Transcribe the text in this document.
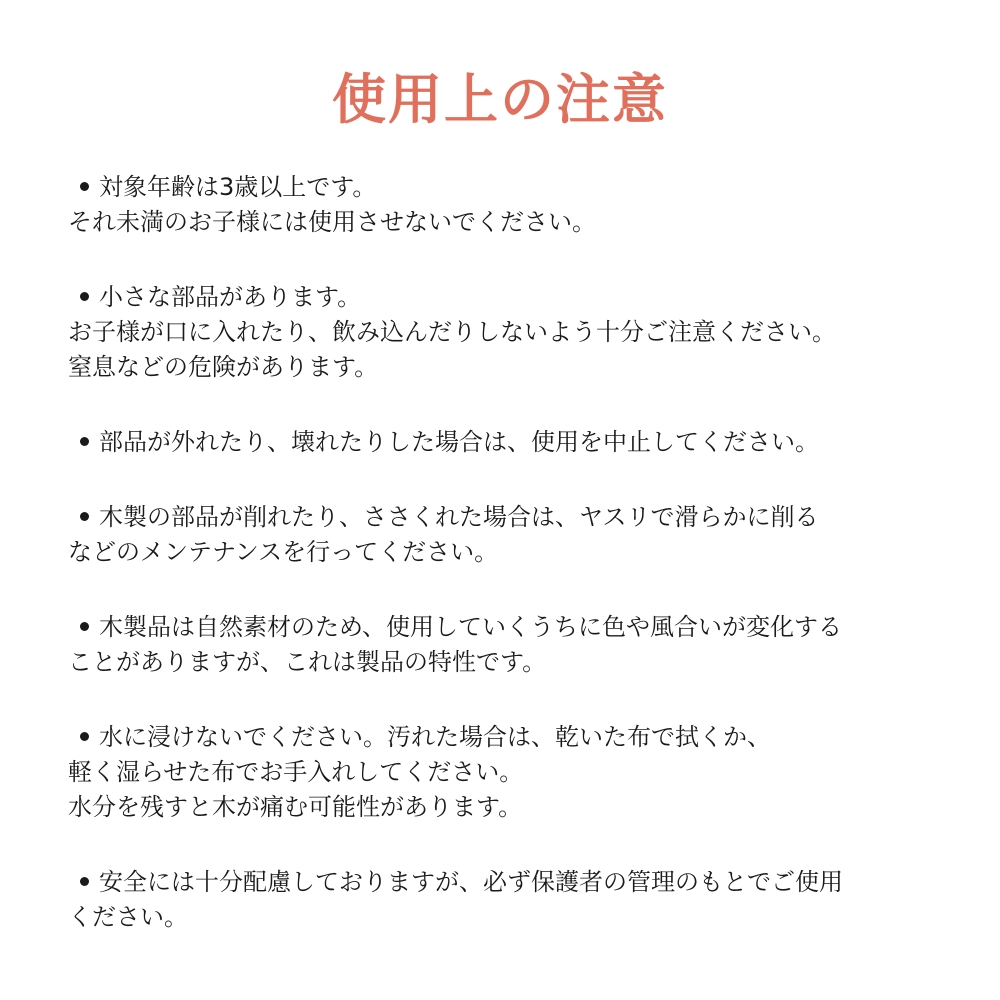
使用上の注意
対象年齢は3歳以上です。
それ未満のお子様には使用させないでください。
小さな部品があります。
お子様が口に入れたり、飲み込んだりしないよう十分ご注意ください。
窒息などの危険があります。
部品が外れたり、壊れたりした場合は、使用を中止してください。
木製の部品が削れたり、ささくれた場合は、ヤスリで滑らかに削る
などのメンテナンスを行ってください。
木製品は自然素材のため、使用していくうちに色や風合いが変化する
ことがありますが、これは製品の特性です。
水に浸けないでください。汚れた場合は、乾いた布で拭くか、
軽く湿らせた布でお手入れしてください。
水分を残すと木が痛む可能性があります。
安全には十分配慮しておりますが、必ず保護者の管理のもとでご使用
ください。
